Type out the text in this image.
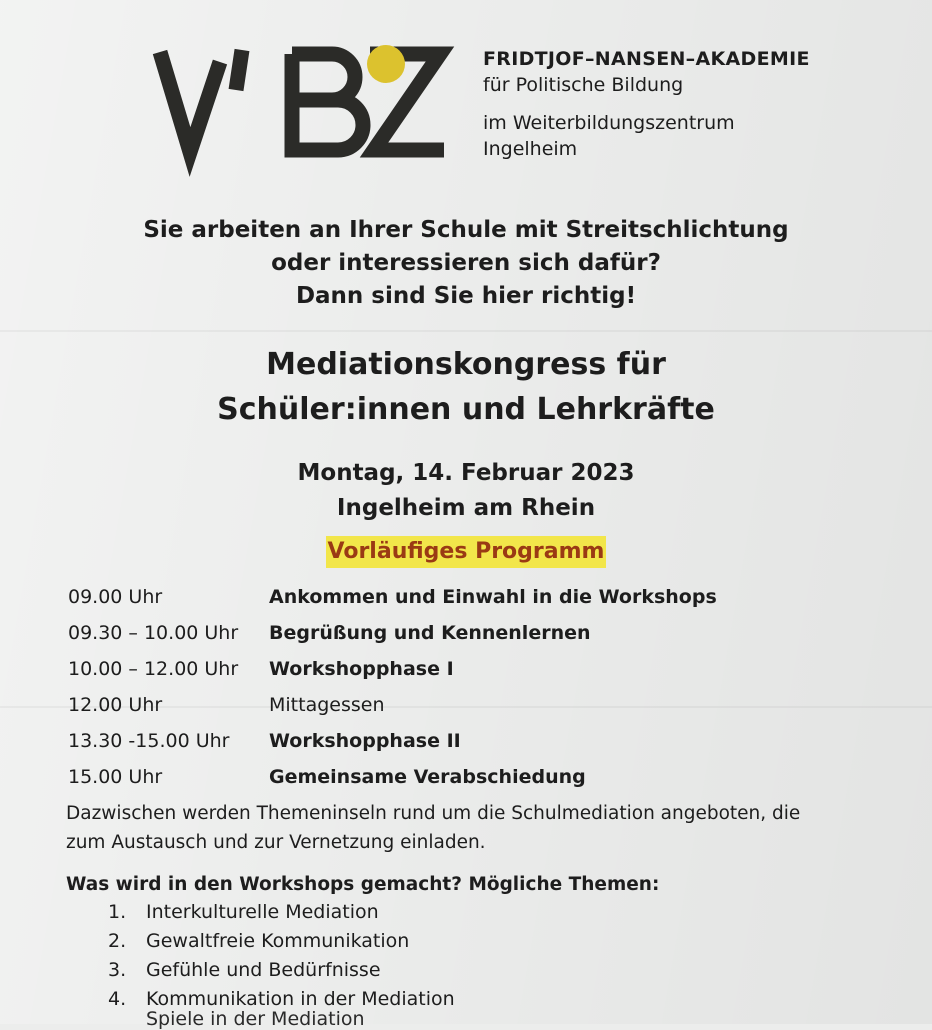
FRIDTJOF–NANSEN–AKADEMIE
für Politische Bildung
im Weiterbildungszentrum
Ingelheim
Sie arbeiten an Ihrer Schule mit Streitschlichtung
oder interessieren sich dafür?
Dann sind Sie hier richtig!
Mediationskongress für
Schüler:innen und Lehrkräfte
Montag, 14. Februar 2023
Ingelheim am Rhein
Vorläufiges Programm
09.00 Uhr	Ankommen und Einwahl in die Workshops
09.30 – 10.00 Uhr Begrüßung und Kennenlernen
10.00 – 12.00 Uhr Workshopphase I
12.00 Uhr	Mittagessen
13.30 -15.00 Uhr Workshopphase II
15.00 Uhr	Gemeinsame Verabschiedung
Dazwischen werden Themeninseln rund um die Schulmediation angeboten, die
zum Austausch und zur Vernetzung einladen.
Was wird in den Workshops gemacht? Mögliche Themen:
1. Interkulturelle Mediation
2. Gewaltfreie Kommunikation
3. Gefühle und Bedürfnisse
4. Kommunikation in der Mediation
Spiele in der Mediation
